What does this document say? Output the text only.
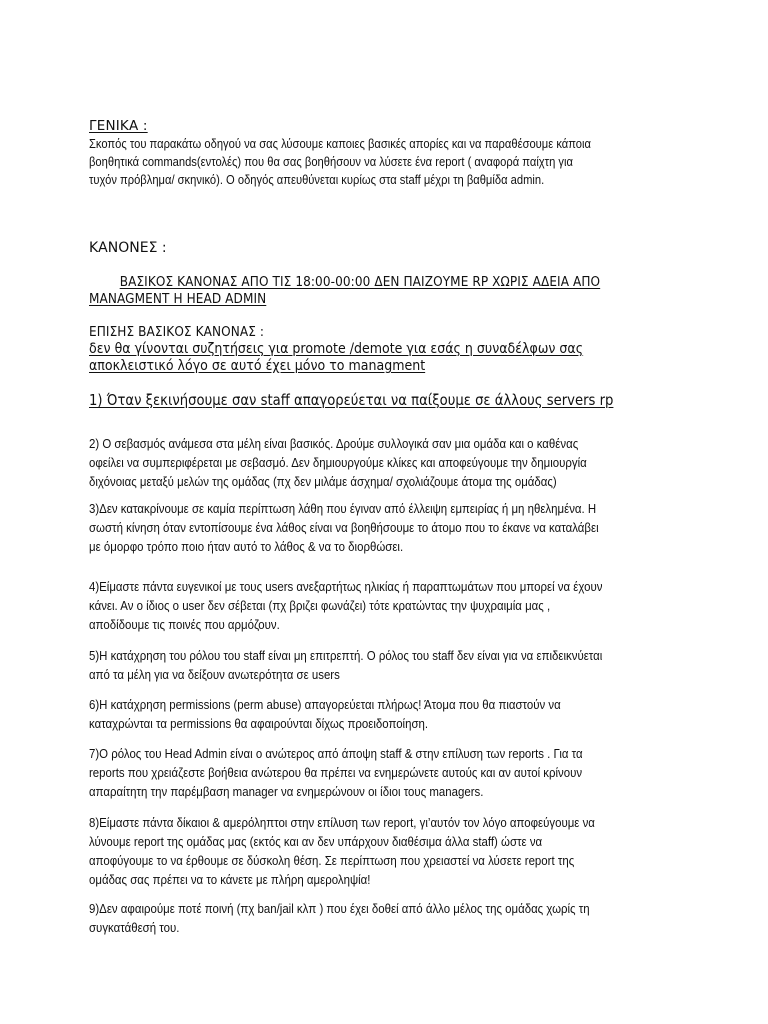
ΓΕΝΙΚΑ :

Σκοπός του παρακάτω οδηγού να σας λύσουμε καποιες βασικές απορίες και να παραθέσουμε κάποια

βοηθητικά commands(εντολές) που θα σας βοηθήσουν να λύσετε ένα report ( αναφορά παίχτη για

τυχόν πρόβλημα/ σκηνικό). Ο οδηγός απευθύνεται κυρίως στα staff μέχρι τη βαθμίδα admin.

ΚΑΝΟΝΕΣ :

ΒΑΣΙΚΟΣ ΚΑΝΟΝΑΣ ΑΠΟ ΤΙΣ 18:00-00:00 ΔΕΝ ΠΑΙΖΟΥΜΕ RP ΧΩΡΙΣ ΑΔΕΙΑ ΑΠΟ

MANAGMENT Η HEAD ADMIN

ΕΠΙΣΗΣ ΒΑΣΙΚΟΣ ΚΑΝΟΝΑΣ :

δεν θα γίνονται συζητήσεις για promote /demote για εσάς η συναδέλφων σας

αποκλειστικό λόγο σε αυτό έχει μόνο το managment

1) Όταν ξεκινήσουμε σαν staff απαγορεύεται να παίξουμε σε άλλους servers rp

2) Ο σεβασμός ανάμεσα στα μέλη είναι βασικός. Δρούμε συλλογικά σαν μια ομάδα και ο καθένας

οφείλει να συμπεριφέρεται με σεβασμό. Δεν δημιουργούμε κλίκες και αποφεύγουμε την δημιουργία

διχόνοιας μεταξύ μελών της ομάδας (πχ δεν μιλάμε άσχημα/ σχολιάζουμε άτομα της ομάδας)

3)Δεν κατακρίνουμε σε καμία περίπτωση λάθη που έγιναν από έλλειψη εμπειρίας ή μη ηθελημένα. Η

σωστή κίνηση όταν εντοπίσουμε ένα λάθος είναι να βοηθήσουμε το άτομο που το έκανε να καταλάβει

με όμορφο τρόπο ποιο ήταν αυτό το λάθος & να το διορθώσει.

4)Είμαστε πάντα ευγενικοί με τους users ανεξαρτήτως ηλικίας ή παραπτωμάτων που μπορεί να έχουν

κάνει. Αν ο ίδιος ο user δεν σέβεται (πχ βριζει φωνάζει) τότε κρατώντας την ψυχραιμία μας ,

αποδίδουμε τις ποινές που αρμόζουν.

5)Η κατάχρηση του ρόλου του staff είναι μη επιτρεπτή. Ο ρόλος του staff δεν είναι για να επιδεικνύεται

από τα μέλη για να δείξουν ανωτερότητα σε users

6)Η κατάχρηση permissions (perm abuse) απαγορεύεται πλήρως! Άτομα που θα πιαστούν να

καταχρώνται τα permissions θα αφαιρούνται δίχως προειδοποίηση.

7)Ο ρόλος του Head Admin είναι ο ανώτερος από άποψη staff & στην επίλυση των reports . Για τα

reports που χρειάζεστε βοήθεια ανώτερου θα πρέπει να ενημερώνετε αυτούς και αν αυτοί κρίνουν

απαραίτητη την παρέμβαση manager να ενημερώνουν οι ίδιοι τους managers.

8)Είμαστε πάντα δίκαιοι & αμερόληπτοι στην επίλυση των report, γι’αυτόν τον λόγο αποφεύγουμε να

λύνουμε report της ομάδας μας (εκτός και αν δεν υπάρχουν διαθέσιμα άλλα staff) ώστε να

αποφύγουμε το να έρθουμε σε δύσκολη θέση. Σε περίπτωση που χρειαστεί να λύσετε report της

ομάδας σας πρέπει να το κάνετε με πλήρη αμεροληψία!

9)Δεν αφαιρούμε ποτέ ποινή (πχ ban/jail κλπ ) που έχει δοθεί από άλλο μέλος της ομάδας χωρίς τη

συγκατάθεσή του.
